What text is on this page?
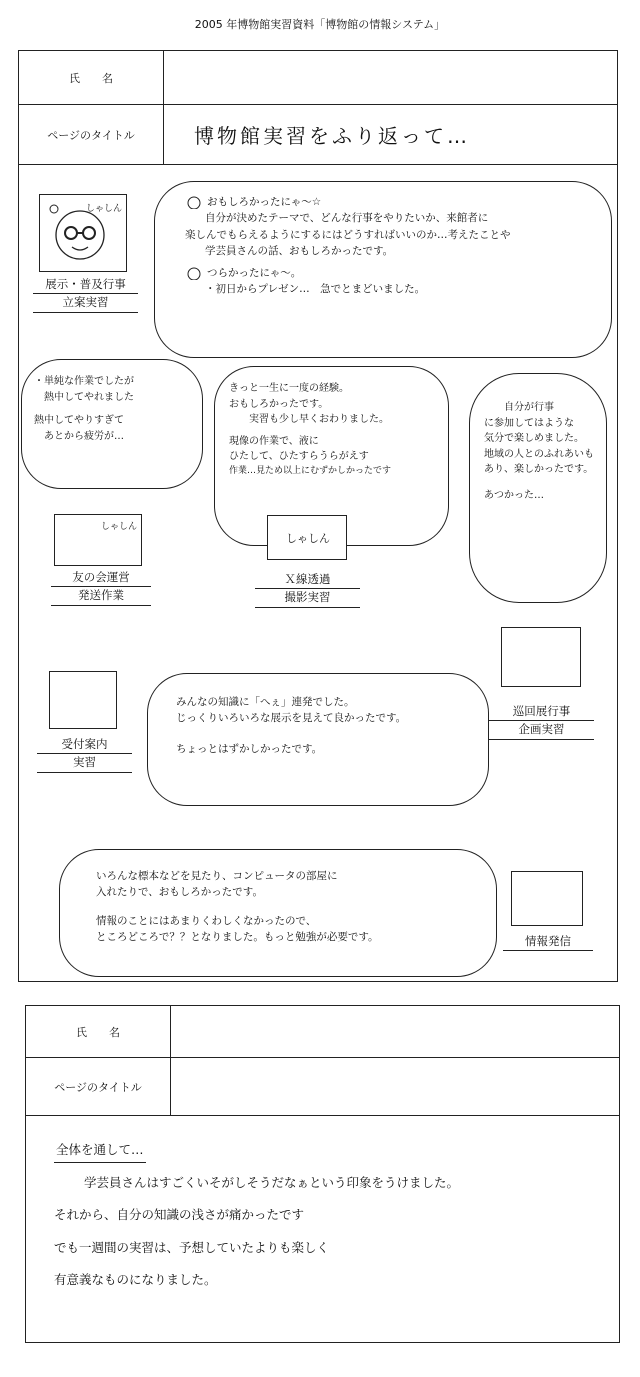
2005 年博物館実習資料「博物館の情報システム」
氏　　名
ページのタイトル	博物館実習をふり返って…
しゃしん
展示・普及行事
立案実習

おもしろかったにゃ～☆

自分が決めたテーマで、どんな行事をやりたいか、来館者に
楽しんでもらえるようにするにはどうすればいいのか…考えたことや
学芸員さんの話、おもしろかったです。

つらかったにゃ～。

・初日からプレゼン…　急でとまどいました。
・単純な作業でしたが
熱中してやれました
熱中してやりすぎて
あとから疲労が…
しゃしん
友の会運営
発送作業
きっと一生に一度の経験。
おもしろかったです。
実習も少し早くおわりました。
現像の作業で、液に
ひたして、ひたすらうらがえす
作業…見ため以上にむずかしかったです
しゃしん
Ｘ線透過
撮影実習
自分が行事
に参加してはような
気分で楽しめました。
地域の人とのふれあいもあり、楽しかったです。
あつかった…
巡回展行事
企画実習
受付案内
実習
みんなの知識に「へぇ」連発でした。
じっくりいろいろな展示を見えて良かったです。
ちょっとはずかしかったです。
いろんな標本などを見たり、コンピュータの部屋に
入れたりで、おもしろかったです。
情報のことにはあまりくわしくなかったので、
ところどころで？？となりました。もっと勉強が必要です。	情報発信
氏　　名
ページのタイトル
全体を通して…
学芸員さんはすごくいそがしそうだなぁという印象をうけました。
それから、自分の知識の浅さが痛かったです
でも一週間の実習は、予想していたよりも楽しく
有意義なものになりました。
